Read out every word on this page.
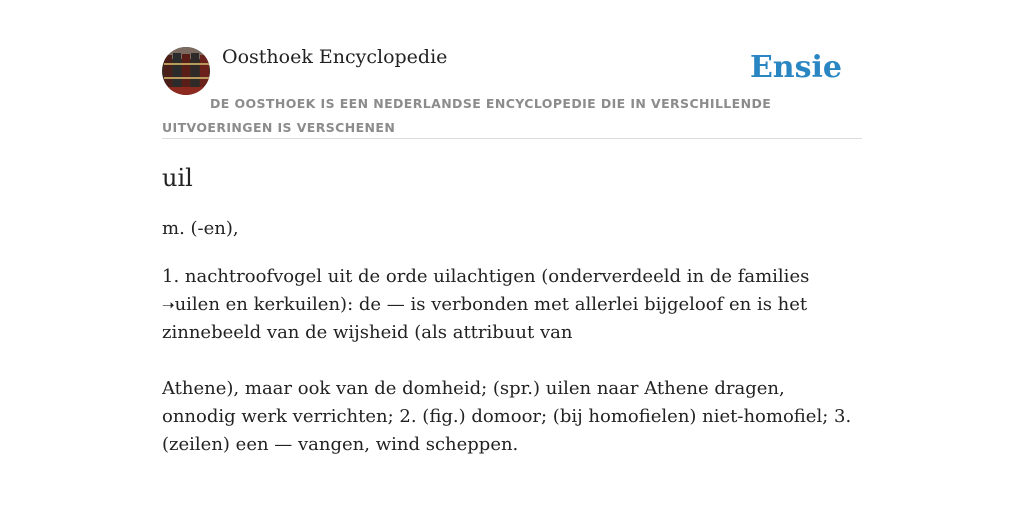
Oosthoek Encyclopedie	Ensie
DE OOSTHOEK IS EEN NEDERLANDSE ENCYCLOPEDIE DIE IN VERSCHILLENDE UITVOERINGEN IS VERSCHENEN
uil
m. (-en),

1. nachtroofvogel uit de orde uilachtigen (onderverdeeld in de families ➝uilen en kerkuilen): de — is verbonden met allerlei bijgeloof en is het zinnebeeld van de wijsheid (als attribuut van

Athene), maar ook van de domheid; (spr.) uilen naar Athene dragen, onnodig werk verrichten; 2. (fig.) domoor; (bij homofielen) niet-homofiel; 3. (zeilen) een — vangen, wind scheppen.
